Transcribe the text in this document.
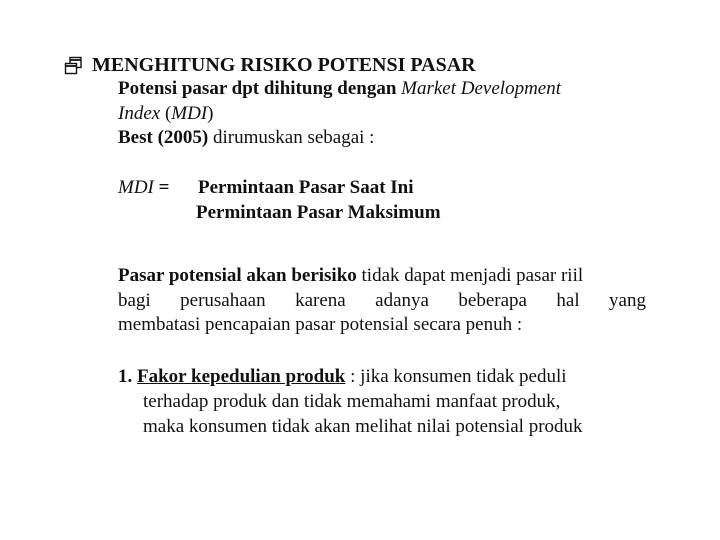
MENGHITUNG RISIKO POTENSI PASAR
Potensi pasar dpt dihitung dengan Market Development
Index (MDI)
Best (2005) dirumuskan sebagai :
MDI = Permintaan Pasar Saat Ini
Permintaan Pasar Maksimum
Pasar potensial akan berisiko tidak dapat menjadi pasar riil
bagi perusahaan karena adanya beberapa hal yang
membatasi pencapaian pasar potensial secara penuh :
1. Fakor kepedulian produk : jika konsumen tidak peduli
terhadap produk dan tidak memahami manfaat produk,
maka konsumen tidak akan melihat nilai potensial produk
